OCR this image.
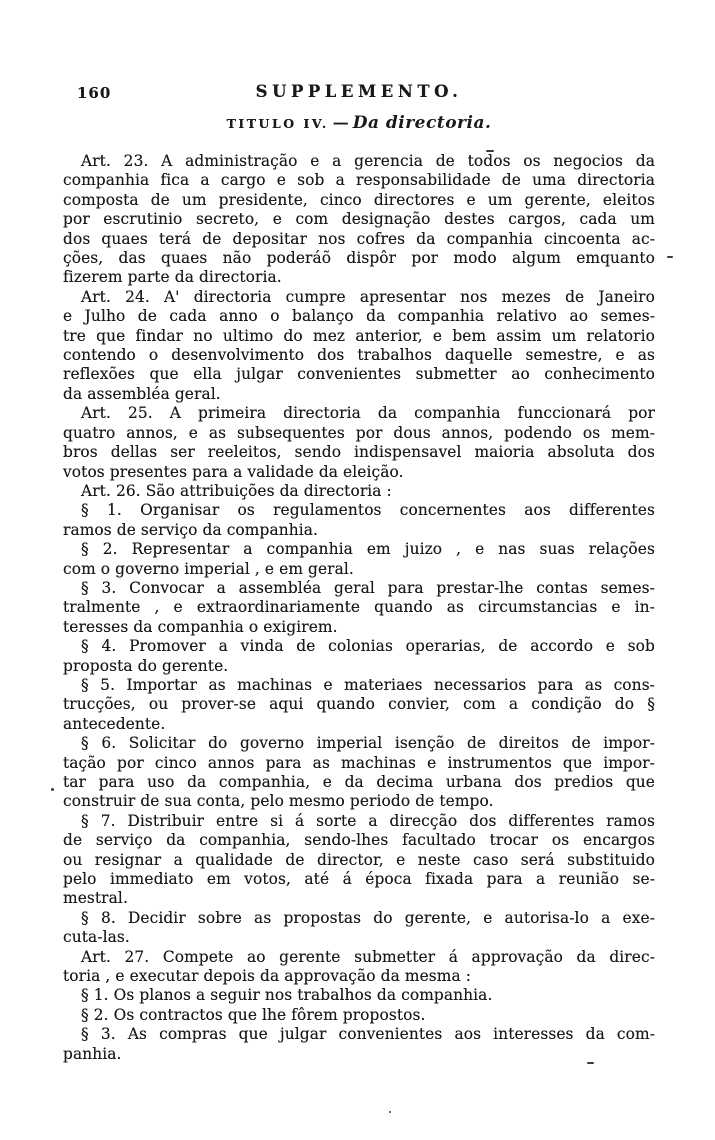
160	SUPPLEMENTO.
TITULO IV. — Da directoria.
Art. 23. A administração e a gerencia de todos os negocios da
companhia fica a cargo e sob a responsabilidade de uma directoria
composta de um presidente, cinco directores e um gerente, eleitos
por escrutinio secreto, e com designação destes cargos, cada um
dos quaes terá de depositar nos cofres da companhia cincoenta ac-
ções, das quaes não poderáõ dispôr por modo algum emquanto
fizerem parte da directoria.
Art. 24. A' directoria cumpre apresentar nos mezes de Janeiro
e Julho de cada anno o balanço da companhia relativo ao semes-
tre que findar no ultimo do mez anterior, e bem assim um relatorio
contendo o desenvolvimento dos trabalhos daquelle semestre, e as
reflexões que ella julgar convenientes submetter ao conhecimento
da assembléa geral.
Art. 25. A primeira directoria da companhia funccionará por
quatro annos, e as subsequentes por dous annos, podendo os mem-
bros dellas ser reeleitos, sendo indispensavel maioria absoluta dos
votos presentes para a validade da eleição.
Art. 26. São attribuições da directoria :
§ 1. Organisar os regulamentos concernentes aos differentes
ramos de serviço da companhia.
§ 2. Representar a companhia em juizo , e nas suas relações
com o governo imperial , e em geral.
§ 3. Convocar a assembléa geral para prestar-lhe contas semes-
tralmente , e extraordinariamente quando as circumstancias e in-
teresses da companhia o exigirem.
§ 4. Promover a vinda de colonias operarias, de accordo e sob
proposta do gerente.
§ 5. Importar as machinas e materiaes necessarios para as cons-
trucções, ou prover-se aqui quando convier, com a condição do §
antecedente.
§ 6. Solicitar do governo imperial isenção de direitos de impor-
tação por cinco annos para as machinas e instrumentos que impor-
tar para uso da companhia, e da decima urbana dos predios que
construir de sua conta, pelo mesmo periodo de tempo.
§ 7. Distribuir entre si á sorte a direcção dos differentes ramos
de serviço da companhia, sendo-lhes facultado trocar os encargos
ou resignar a qualidade de director, e neste caso será substituido
pelo immediato em votos, até á época fixada para a reunião se-
mestral.
§ 8. Decidir sobre as propostas do gerente, e autorisa-lo a exe-
cuta-las.
Art. 27. Compete ao gerente submetter á approvação da direc-
toria , e executar depois da approvação da mesma :
§ 1. Os planos a seguir nos trabalhos da companhia.
§ 2. Os contractos que lhe fôrem propostos.
§ 3. As compras que julgar convenientes aos interesses da com-
panhia.
